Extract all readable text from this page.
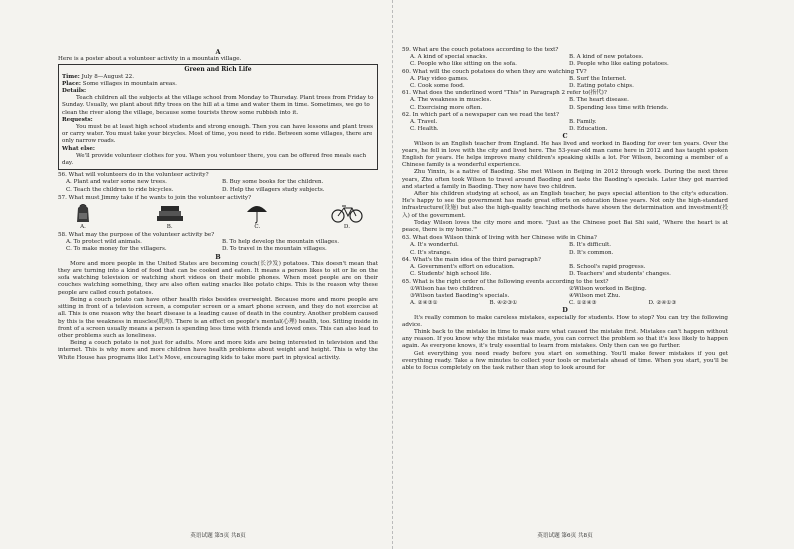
A

Here is a poster about a volunteer activity in a mountain village.

Green and Rich Life

Time: July 8—August 22.

Place: Some villages in mountain areas.

Details:

Teach children all the subjects at the village school from Monday to Thursday. Plant trees from Friday to Sunday. Usually, we plant about fifty trees on the hill at a time and water them in time. Sometimes, we go to clean the river along the village, because some tourists throw some rubbish into it.

Requests:

You must be at least high school students and strong enough. Then you can have lessons and plant trees or carry water. You must take your bicycles. Most of time, you need to ride. Between some villages, there are only narrow roads.

What else:

We'll provide volunteer clothes for you. When you volunteer there, you can be offered free meals each day.

56. What will volunteers do in the volunteer activity?

A. Plant and water some new trees.	B. Buy some books for the children.
C. Teach the children to ride bicycles.	D. Help the villagers study subjects.

57. What must Jimmy take if he wants to join the volunteer activity?

A.	B.	C.	D.

58. What may the purpose of the volunteer activity be?

A. To protect wild animals.	B. To help develop the mountain villages.
C. To make money for the villagers.	D. To travel in the mountain villages.
B

More and more people in the United States are becoming couch(长沙发) potatoes. This doesn't mean that they are turning into a kind of food that can be cooked and eaten. It means a person likes to sit or lie on the sofa watching television or watching short videos on their mobile phones. When most people are on their couches watching something, they are also often eating snacks like potato chips. This is the reason why these people are called couch potatoes.

Being a couch potato can have other health risks besides overweight. Because more and more people are sitting in front of a television screen, a computer screen or a smart phone screen, and they do not exercise at all. This is one reason why the heart disease is a leading cause of death in the country. Another problem caused by this is the weakness in muscles(肌肉). There is an effect on people's mental(心理) health, too. Sitting inside in front of a screen usually means a person is spending less time with friends and loved ones. This can also lead to other problems such as loneliness.

Being a couch potato is not just for adults. More and more kids are being interested in television and the internet. This is why more and more children have health problems about weight and height. This is why the White House has programs like Let's Move, encouraging kids to take more part in physical activity.

英语试题 第5页 共8页

59. What are the couch potatoes according to the text?

A. A kind of special snacks.	B. A kind of new potatoes.
C. People who like sitting on the sofa.	D. People who like eating potatoes.

60. What will the couch potatoes do when they are watching TV?

A. Play video games.	B. Surf the Internet.
C. Cook some food.	D. Eating potato chips.

61. What does the underlined word "This" in Paragraph 2 refer to(指代)?

A. The weakness in muscles.	B. The heart disease.
C. Exercising more often.	D. Spending less time with friends.

62. In which part of a newspaper can we read the text?

A. Travel.	B. Family.
C. Health.	D. Education.
C

Wilson is an English teacher from England. He has lived and worked in Baoding for over ten years. Over the years, he fell in love with the city and lived here. The 53-year-old man came here in 2012 and has taught spoken English for years. He helps improve many children's speaking skills a lot. For Wilson, becoming a member of a Chinese family is a wonderful experience.

Zhu Yinxin, is a native of Baoding. She met Wilson in Beijing in 2012 through work. During the next three years, Zhu often took Wilson to travel around Baoding and taste the Baoding's specials. Later they got married and started a family in Baoding. They now have two children.

After his children studying at school, as an English teacher, he pays special attention to the city's education. He's happy to see the government has made great efforts on education these years. Not only the high-standard infrastructure(设施) but also the high-quality teaching methods have shown the determination and investment(投入) of the government.

Today Wilson loves the city more and more. "Just as the Chinese poet Bai Shi said, 'Where the heart is at peace, there is my home.'"

63. What does Wilson think of living with her Chinese wife in China?

A. It's wonderful.	B. It's difficult.
C. It's strange.	D. It's common.

64. What's the main idea of the third paragraph?

A. Government's effort on education.	B. School's rapid progress.
C. Students' high school life.	D. Teachers' and students' changes.

65. What is the right order of the following events according to the text?

①Wilson has two children.	②Wilson worked in Beijing.
③Wilson tasted Baoding's specials.	④Wilson met Zhu.
A. ②④③①	B. ④②③①	C. ①②④③	D. ②④①③
D

It's really common to make careless mistakes, especially for students. How to stop? You can try the following advice.

Think back to the mistake in time to make sure what caused the mistake first. Mistakes can't happen without any reason. If you know why the mistake was made, you can correct the problem so that it's less likely to happen again. As everyone knows, it's truly essential to learn from mistakes. Only then can we go further.

Get everything you need ready before you start on something. You'll make fewer mistakes if you get everything ready. Take a few minutes to collect your tools or materials ahead of time. When you start, you'll be able to focus completely on the task rather than stop to look around for

英语试题 第6页 共8页
